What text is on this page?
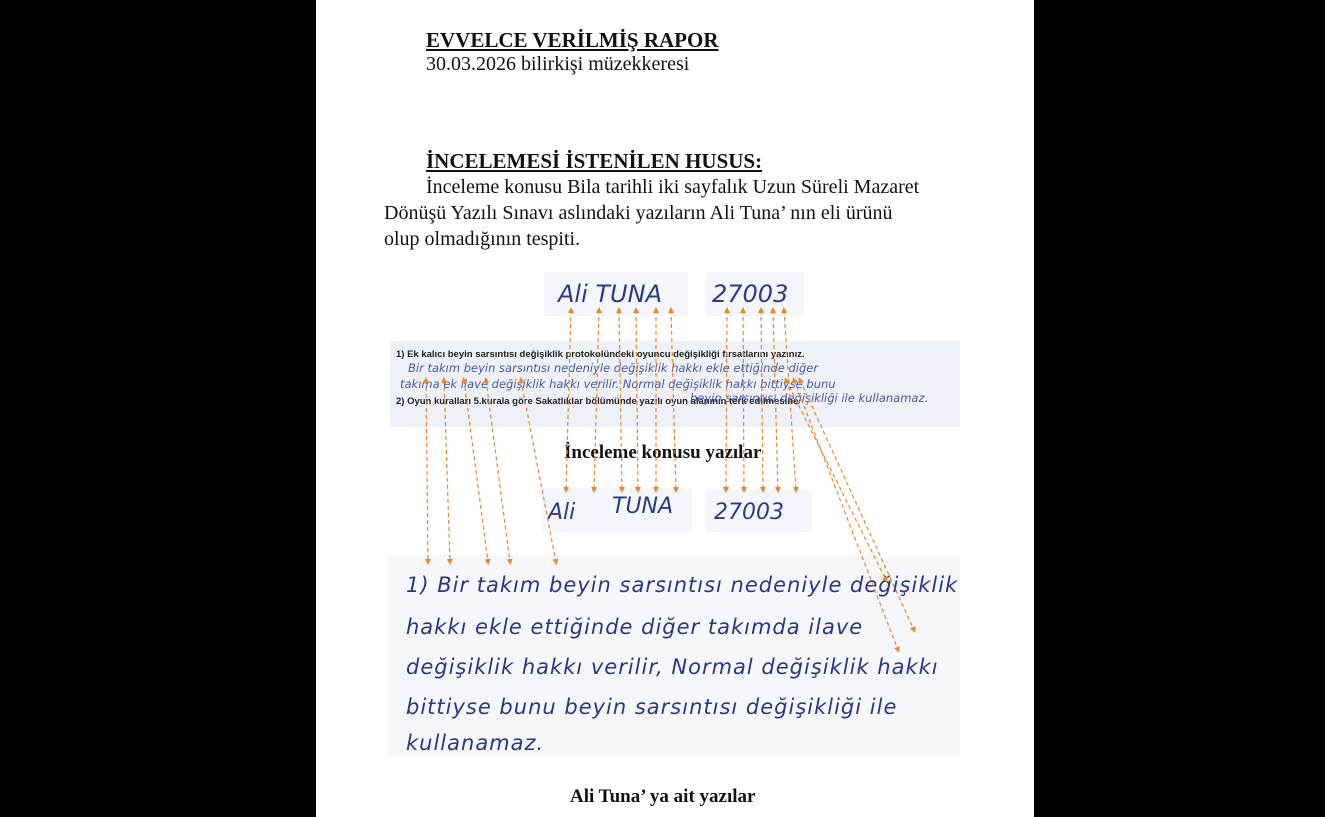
EVVELCE VERİLMİŞ RAPOR

30.03.2026 bilirkişi müzekkeresi

İNCELEMESİ İSTENİLEN HUSUS:

İnceleme konusu Bila tarihli iki sayfalık Uzun Süreli Mazaret
Dönüşü Yazılı Sınavı aslındaki yazıların Ali Tuna’ nın eli ürünü
olup olmadığının tespiti.
Ali TUNA 27003
1) Ek kalıcı beyin sarsıntısı değişiklik protokolündeki oyuncu değişikliği fırsatlarını yazınız.
Bir takım beyin sarsıntısı nedeniyle değişiklik hakkı ekle ettiğinde diğer
takıma ek ilave değişiklik hakkı verilir. Normal değişiklik hakkı bittiyse bunu
2) Oyun kuralları 5.kurala göre Sakatlıklar bölümünde yazılı oyun alanının terk edilmesine
beyin sarsıntısı değişikliği ile kullanamaz.
İnceleme konusu yazılar
Ali TUNA 27003
1) Bir takım beyin sarsıntısı nedeniyle değişiklik
hakkı ekle ettiğinde diğer takımda ilave
değişiklik hakkı verilir, Normal değişiklik hakkı
bittiyse bunu beyin sarsıntısı değişikliği ile
kullanamaz.
Ali Tuna’ ya ait yazılar
